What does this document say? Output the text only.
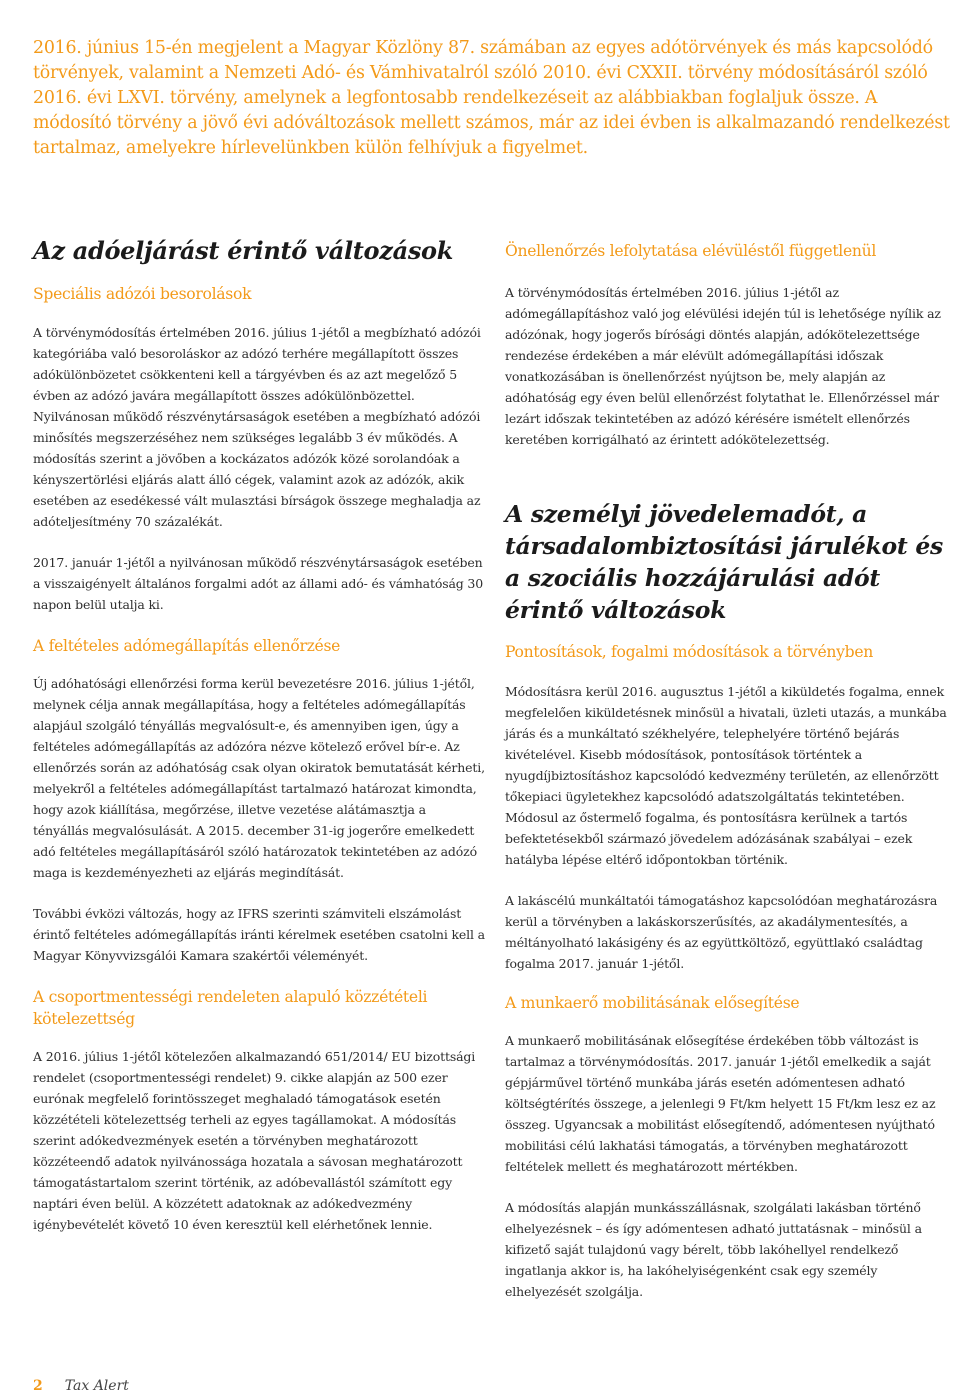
2016. június 15-én megjelent a Magyar Közlöny 87. számában az egyes adótörvények és más kapcsolódó törvények, valamint a Nemzeti Adó- és Vámhivatalról szóló 2010. évi CXXII. törvény módosításáról szóló 2016. évi LXVI. törvény, amelynek a legfontosabb rendelkezéseit az alábbiakban foglaljuk össze. A módosító törvény a jövő évi adóváltozások mellett számos, már az idei évben is alkalmazandó rendelkezést tartalmaz, amelyekre hírlevelünkben külön felhívjuk a figyelmet.

Az adóeljárást érintő változások
Speciális adózói besorolások

A törvénymódosítás értelmében 2016. július 1-jétől a megbízható adózói kategóriába való besoroláskor az adózó terhére megállapított összes adókülönbözetet csökkenteni kell a tárgyévben és az azt megelőző 5 évben az adózó javára megállapított összes adókülönbözettel. Nyilvánosan működő részvénytársaságok esetében a megbízható adózói minősítés megszerzéséhez nem szükséges legalább 3 év működés. A módosítás szerint a jövőben a kockázatos adózók közé sorolandóak a kényszertörlési eljárás alatt álló cégek, valamint azok az adózók, akik esetében az esedékessé vált mulasztási bírságok összege meghaladja az adóteljesítmény 70 százalékát.

2017. január 1-jétől a nyilvánosan működő részvénytársaságok esetében a visszaigényelt általános forgalmi adót az állami adó- és vámhatóság 30 napon belül utalja ki.

A feltételes adómegállapítás ellenőrzése

Új adóhatósági ellenőrzési forma kerül bevezetésre 2016. július 1-jétől, melynek célja annak megállapítása, hogy a feltételes adómegállapítás alapjául szolgáló tényállás megvalósult-e, és amennyiben igen, úgy a feltételes adómegállapítás az adózóra nézve kötelező erővel bír-e. Az ellenőrzés során az adóhatóság csak olyan okiratok bemutatását kérheti, melyekről a feltételes adómegállapítást tartalmazó határozat kimondta, hogy azok kiállítása, megőrzése, illetve vezetése alátámasztja a tényállás megvalósulását. A 2015. december 31-ig jogerőre emelkedett adó feltételes megállapításáról szóló határozatok tekintetében az adózó maga is kezdeményezheti az eljárás megindítását.

További évközi változás, hogy az IFRS szerinti számviteli elszámolást érintő feltételes adómegállapítás iránti kérelmek esetében csatolni kell a Magyar Könyvvizsgálói Kamara szakértői véleményét.

A csoportmentességi rendeleten alapuló közzétételi kötelezettség

A 2016. július 1-jétől kötelezően alkalmazandó 651/2014/ EU bizottsági rendelet (csoportmentességi rendelet) 9. cikke alapján az 500 ezer eurónak megfelelő forintösszeget meghaladó támogatások esetén közzétételi kötelezettség terheli az egyes tagállamokat. A módosítás szerint adókedvezmények esetén a törvényben meghatározott közzéteendő adatok nyilvánossága hozatala a sávosan meghatározott támogatástartalom szerint történik, az adóbevallástól számított egy naptári éven belül. A közzétett adatoknak az adókedvezmény igénybevételét követő 10 éven keresztül kell elérhetőnek lennie.

Önellenőrzés lefolytatása elévüléstől függetlenül

A törvénymódosítás értelmében 2016. július 1-jétől az adómegállapításhoz való jog elévülési idején túl is lehetősége nyílik az adózónak, hogy jogerős bírósági döntés alapján, adókötelezettsége rendezése érdekében a már elévült adómegállapítási időszak vonatkozásában is önellenőrzést nyújtson be, mely alapján az adóhatóság egy éven belül ellenőrzést folytathat le. Ellenőrzéssel már lezárt időszak tekintetében az adózó kérésére ismételt ellenőrzés keretében korrigálható az érintett adókötelezettség.

A személyi jövedelemadót, a társadalombiztosítási járulékot és a szociális hozzájárulási adót érintő változások
Pontosítások, fogalmi módosítások a törvényben

Módosításra kerül 2016. augusztus 1-jétől a kiküldetés fogalma, ennek megfelelően kiküldetésnek minősül a hivatali, üzleti utazás, a munkába járás és a munkáltató székhelyére, telephelyére történő bejárás kivételével. Kisebb módosítások, pontosítások történtek a nyugdíjbiztosításhoz kapcsolódó kedvezmény területén, az ellenőrzött tőkepiaci ügyletekhez kapcsolódó adatszolgáltatás tekintetében. Módosul az őstermelő fogalma, és pontosításra kerülnek a tartós befektetésekből származó jövedelem adózásának szabályai – ezek hatályba lépése eltérő időpontokban történik.

A lakáscélú munkáltatói támogatáshoz kapcsolódóan meghatározásra kerül a törvényben a lakáskorszerűsítés, az akadálymentesítés, a méltányolható lakásigény és az együttköltöző, együttlakó családtag fogalma 2017. január 1-jétől.

A munkaerő mobilitásának elősegítése

A munkaerő mobilitásának elősegítése érdekében több változást is tartalmaz a törvénymódosítás. 2017. január 1-jétől emelkedik a saját gépjárművel történő munkába járás esetén adómentesen adható költségtérítés összege, a jelenlegi 9 Ft/km helyett 15 Ft/km lesz ez az összeg. Ugyancsak a mobilitást elősegítendő, adómentesen nyújtható mobilitási célú lakhatási támogatás, a törvényben meghatározott feltételek mellett és meghatározott mértékben.

A módosítás alapján munkásszállásnak, szolgálati lakásban történő elhelyezésnek – és így adómentesen adható juttatásnak – minősül a kifizető saját tulajdonú vagy bérelt, több lakóhellyel rendelkező ingatlanja akkor is, ha lakóhelyiségenként csak egy személy elhelyezését szolgálja.

2 Tax Alert
